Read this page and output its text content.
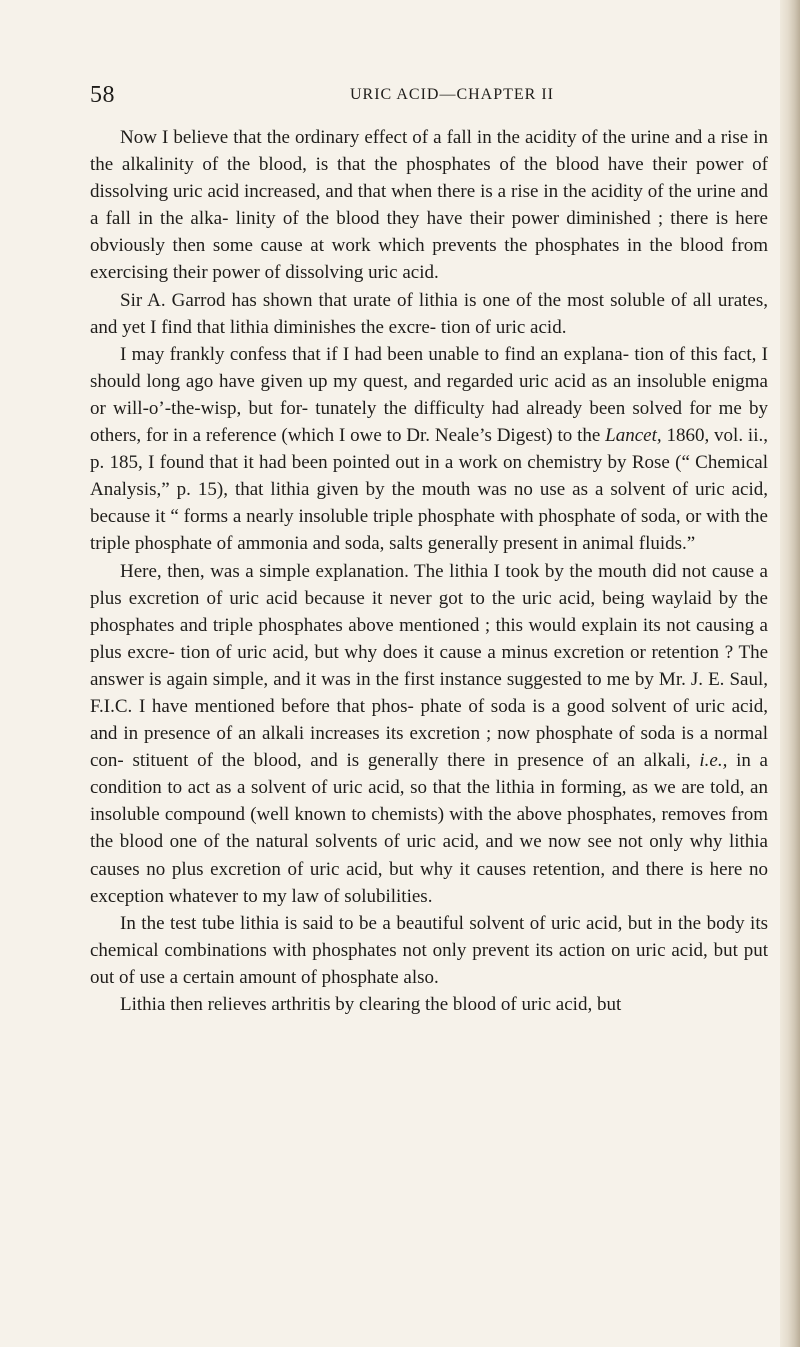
58	URIC ACID—CHAPTER II

Now I believe that the ordinary effect of a fall in the acidity of the urine and a rise in the alkalinity of the blood, is that the phosphates of the blood have their power of dissolving uric acid increased, and that when there is a rise in the acidity of the urine and a fall in the alka- linity of the blood they have their power diminished ; there is here obviously then some cause at work which prevents the phosphates in the blood from exercising their power of dissolving uric acid.

Sir A. Garrod has shown that urate of lithia is one of the most soluble of all urates, and yet I find that lithia diminishes the excre- tion of uric acid.

I may frankly confess that if I had been unable to find an explana- tion of this fact, I should long ago have given up my quest, and regarded uric acid as an insoluble enigma or will-o’-the-wisp, but for- tunately the difficulty had already been solved for me by others, for in a reference (which I owe to Dr. Neale’s Digest) to the Lancet, 1860, vol. ii., p. 185, I found that it had been pointed out in a work on chemistry by Rose (“ Chemical Analysis,” p. 15), that lithia given by the mouth was no use as a solvent of uric acid, because it “ forms a nearly insoluble triple phosphate with phosphate of soda, or with the triple phosphate of ammonia and soda, salts generally present in animal fluids.”

Here, then, was a simple explanation. The lithia I took by the mouth did not cause a plus excretion of uric acid because it never got to the uric acid, being waylaid by the phosphates and triple phosphates above mentioned ; this would explain its not causing a plus excre- tion of uric acid, but why does it cause a minus excretion or retention ? The answer is again simple, and it was in the first instance suggested to me by Mr. J. E. Saul, F.I.C. I have mentioned before that phos- phate of soda is a good solvent of uric acid, and in presence of an alkali increases its excretion ; now phosphate of soda is a normal con- stituent of the blood, and is generally there in presence of an alkali, i.e., in a condition to act as a solvent of uric acid, so that the lithia in forming, as we are told, an insoluble compound (well known to chemists) with the above phosphates, removes from the blood one of the natural solvents of uric acid, and we now see not only why lithia causes no plus excretion of uric acid, but why it causes retention, and there is here no exception whatever to my law of solubilities.

In the test tube lithia is said to be a beautiful solvent of uric acid, but in the body its chemical combinations with phosphates not only prevent its action on uric acid, but put out of use a certain amount of phosphate also.

Lithia then relieves arthritis by clearing the blood of uric acid, but
